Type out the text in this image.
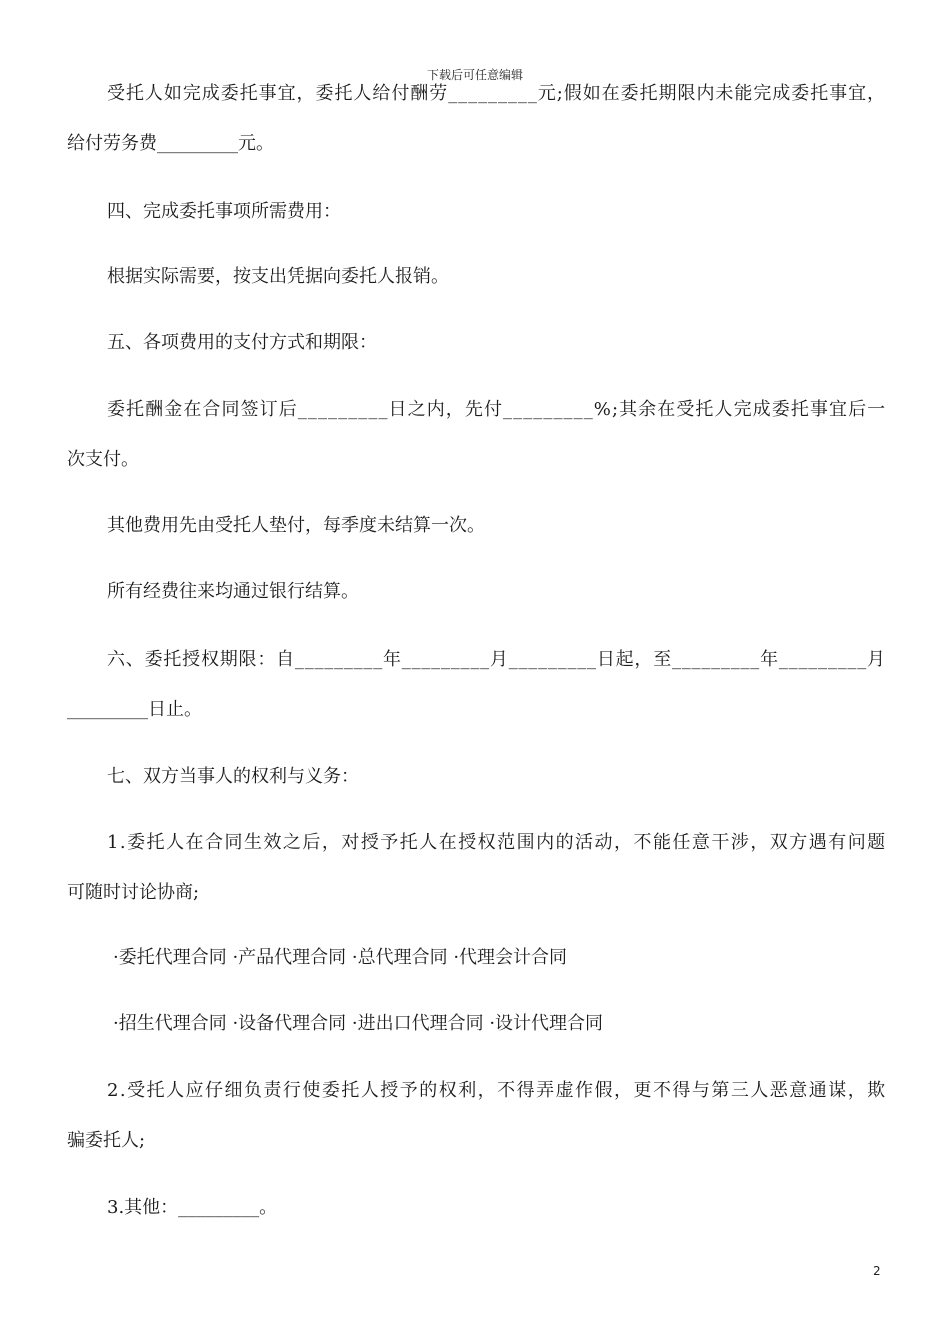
下载后可任意编辑
受托人如完成委托事宜，委托人给付酬劳_________元;假如在委托期限内未能完成委托事宜，
给付劳务费_________元。
四、完成委托事项所需费用：
根据实际需要，按支出凭据向委托人报销。
五、各项费用的支付方式和期限：
委托酬金在合同签订后_________日之内，先付_________%;其余在受托人完成委托事宜后一
次支付。
其他费用先由受托人垫付，每季度未结算一次。
所有经费往来均通过银行结算。
六、委托授权期限：自_________年_________月_________日起，至_________年_________月
_________日止。
七、双方当事人的权利与义务：
1.委托人在合同生效之后，对授予托人在授权范围内的活动，不能任意干涉，双方遇有问题
可随时讨论协商;
·委托代理合同 ·产品代理合同 ·总代理合同 ·代理会计合同
·招生代理合同 ·设备代理合同 ·进出口代理合同 ·设计代理合同
2.受托人应仔细负责行使委托人授予的权利，不得弄虚作假，更不得与第三人恶意通谋，欺
骗委托人;
3.其他：_________。
2
